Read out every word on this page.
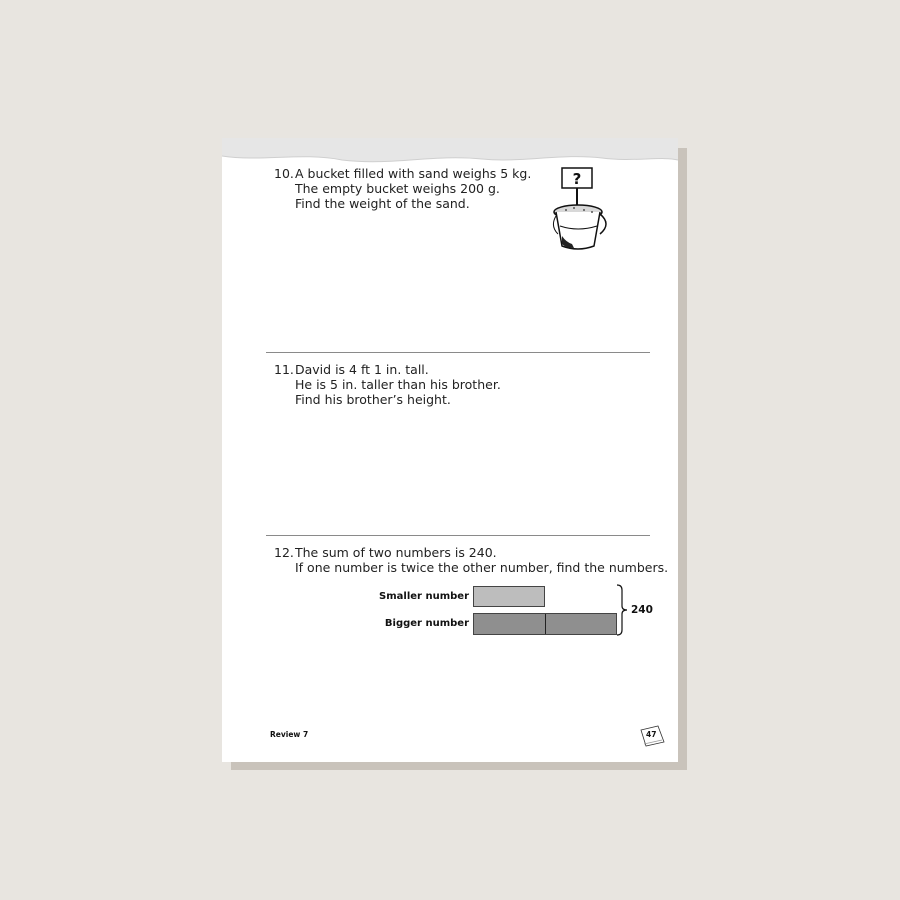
10. A bucket filled with sand weighs 5 kg.
The empty bucket weighs 200 g.
Find the weight of the sand.
?
11. David is 4 ft 1 in. tall.
He is 5 in. taller than his brother.
Find his brother’s height.
12. The sum of two numbers is 240.
If one number is twice the other number, find the numbers.
Smaller number
Bigger number
240
Review 7	47
